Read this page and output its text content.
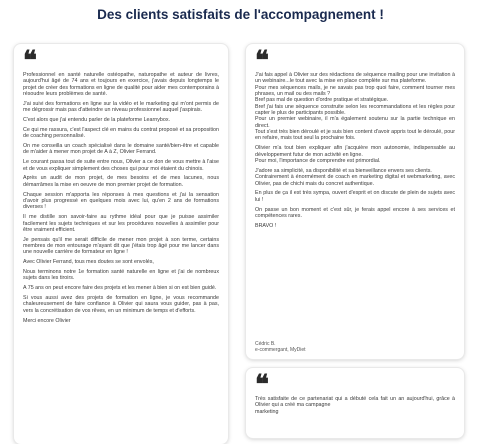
Des clients satisfaits de l'accompagnement !
❝

Professionnel en santé naturelle ostéopathe, naturopathe et auteur de livres, aujourd'hui âgé de 74 ans et toujours en exercice, j'avais depuis longtemps le projet de créer des formations en ligne de qualité pour aider mes contemporains à résoudre leurs problèmes de santé.

J'ai suivi des formations en ligne sur la vidéo et le marketing qui m'ont permis de me dégrossir mais pas d'atteindre un niveau professionnel auquel j'aspirais.

C'est alors que j'ai entendu parler de la plateforme Learnybox.

Ce qui me rassura, c'est l'aspect clé en mains du contrat proposé et sa proposition de coaching personnalisé.

On me conseilla un coach spécialisé dans le domaine santé/bien-être et capable de m'aider à mener mon projet de A à Z, Olivier Ferrand.

Le courant passa tout de suite entre nous, Olivier a ce don de vous mettre à l'aise et de vous expliquer simplement des choses qui pour moi étaient du chinois.

Après un audit de mon projet, de mes besoins et de mes lacunes, nous démarrâmes la mise en oeuvre de mon premier projet de formation.

Chaque session m'apporta les réponses à mes questions et j'ai la sensation d'avoir plus progressé en quelques mois avec lui, qu'en 2 ans de formations diverses !

Il me distille son savoir-faire au rythme idéal pour que je puisse assimiler facilement les sujets techniques et sur les procédures nouvelles à assimiler pour être vraiment efficient.

Je pensais qu'il me serait difficile de mener mon projet à son terme, certains membres de mon entourage m'ayant dit que j'étais trop âgé pour me lancer dans une nouvelle carrière de formateur en ligne !

Avec Olivier Ferrand, tous mes doutes se sont envolés,

Nous terminons notre 1e formation santé naturelle en ligne et j'ai de nombreux sujets dans les tiroirs.

A 75 ans on peut encore faire des projets et les mener à bien si on est bien guidé.

Si vous aussi avez des projets de formation en ligne, je vous recommande chaleureusement de faire confiance à Olivier qui saura vous guider, pas à pas, vers la concrétisation de vos rêves, en un minimum de temps et d'efforts.

Merci encore Olivier

❝

J'ai fais appel à Olivier sur des rédactions de séquence mailing pour une invitation à un webinaire...le tout avec la mise en place complète sur ma plateforme.

Pour mes séquences mails, je ne savais pas trop quoi faire, comment tourner mes phrases, un mail ou des mails ?

Bref pas mal de question d'ordre pratique et stratégique.

Bref j'ai fais une séquence construite selon les recommandations et les règles pour capter le plus de participants possible.

Pour un premier webinaire, il m'a également soutenu sur la partie technique en direct.

Tout s'est très bien déroulé et je suis bien content d'avoir appris tout le déroulé, pour en refaire, mais tout seul la prochaine fois.

Olivier m'a tout bien expliquer afin j'acquière mon autonomie, indispensable au développement futur de mon activité en ligne.

Pour moi, l'importance de comprendre est primordial.

J'adore sa simplicité, sa disponibilité et sa bienveillance envers ses clients.

Contrairement à énormément de coach en marketing digital et webmarketing, avec Olivier, pas de chichi mais du concret authentique.

En plus de ça il est très sympa, ouvert d'esprit et on discute de plein de sujets avec lui !

On passe un bon moment et c'est sûr, je ferais appel encore à ses services et compétences rares.

BRAVO !

Cédric B.
e-commergant, MyDiet
❝

Très satisfaite de ce partenariat qui a débuté cela fait un an aujourd'hui, grâce à Olivier qui a créé ma campagne

marketing
